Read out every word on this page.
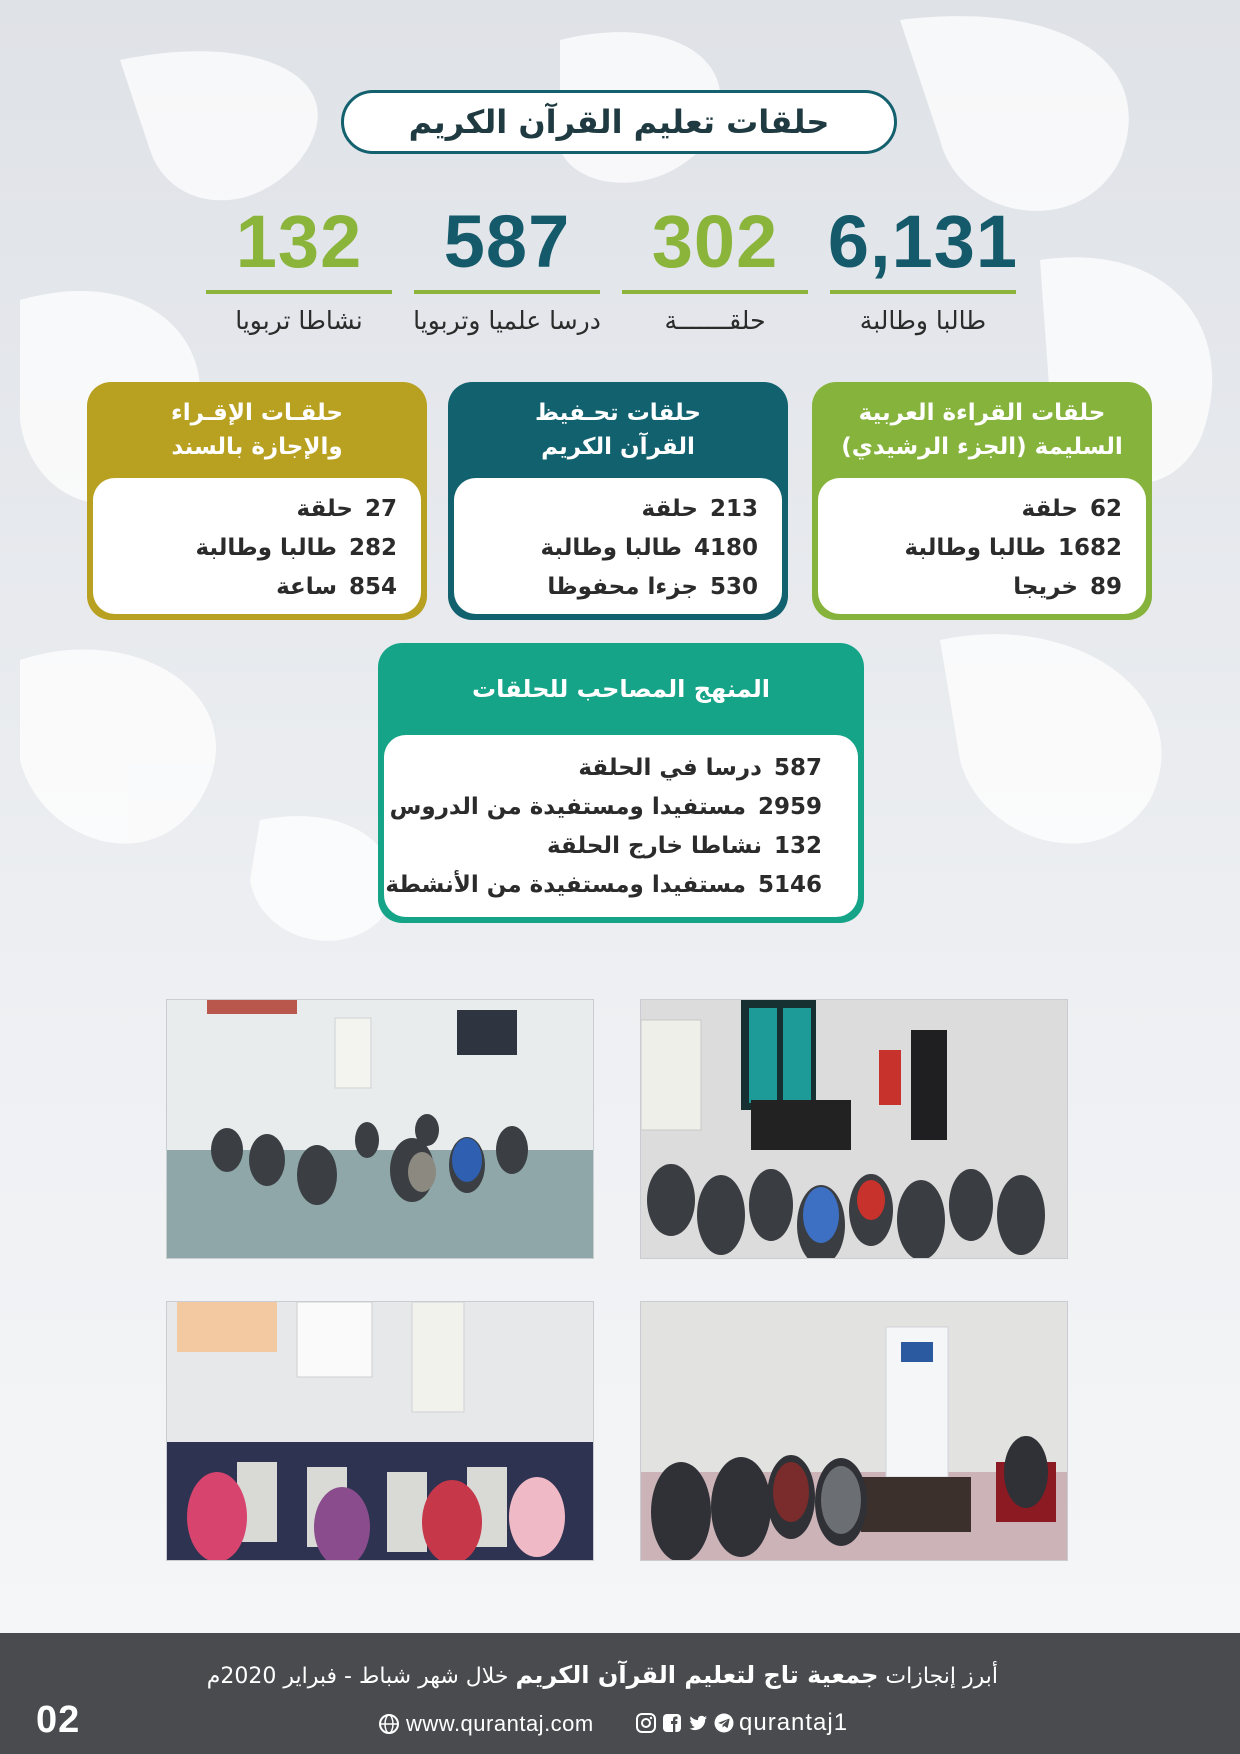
حلقات تعليم القرآن الكريم
6,131
طالبا وطالبة
302
حلقـــــــة
587
درسا علميا وتربويا
132
نشاطا تربويا
حلقات القراءة العربية
السليمة (الجزء الرشيدي)
62حلقة
1682طالبا وطالبة
89خريجا
حلقات تحـفيظ
القرآن الكريم
213حلقة
4180طالبا وطالبة
530جزءا محفوظا
حلقـات الإقـراء
والإجازة بالسند
27حلقة
282طالبا وطالبة
854ساعة
المنهج المصاحب للحلقات
587درسا في الحلقة
2959مستفيدا ومستفيدة من الدروس
132نشاطا خارج الحلقة
5146مستفيدا ومستفيدة من الأنشطة
أبرز إنجازات جمعية تاج لتعليم القرآن الكريم خلال شهر شباط - فبراير 2020م
www.qurantaj.com	qurantaj1
02
